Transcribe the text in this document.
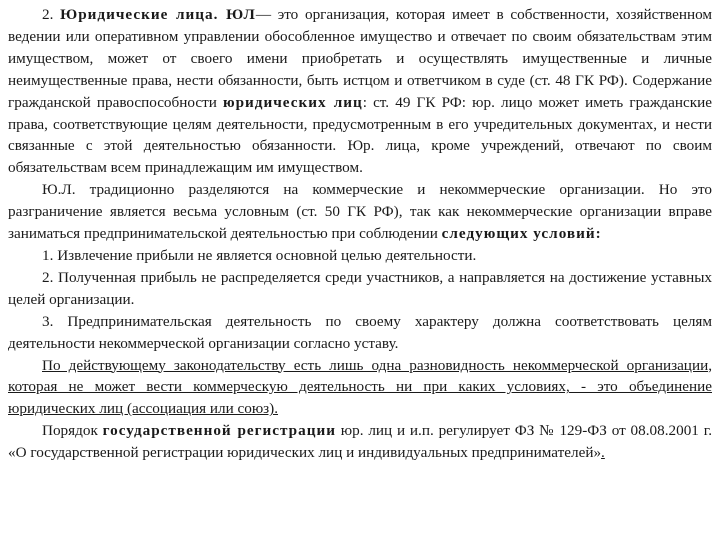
2. Юридические лица. ЮЛ— это организация, которая имеет в собственности, хозяйственном ведении или оперативном управлении обособленное имущество и отвечает по своим обязательствам этим имуществом, может от своего имени приобретать и осуществлять имущественные и личные неимущественные права, нести обязанности, быть истцом и ответчиком в суде (ст. 48 ГК РФ). Содержание гражданской правоспособности юридических лиц: ст. 49 ГК РФ: юр. лицо может иметь гражданские права, соответствующие целям деятельности, предусмотренным в его учредительных документах, и нести связанные с этой деятельностью обязанности. Юр. лица, кроме учреждений, отвечают по своим обязательствам всем принадлежащим им имуществом.

Ю.Л. традиционно разделяются на коммерческие и некоммерческие организации. Но это разграничение является весьма условным (ст. 50 ГК РФ), так как некоммерческие организации вправе заниматься предпринимательской деятельностью при соблюдении следующих условий:

1. Извлечение прибыли не является основной целью деятельности.

2. Полученная прибыль не распределяется среди участников, а направляется на достижение уставных целей организации.

3. Предпринимательская деятельность по своему характеру должна соответствовать целям деятельности некоммерческой организации согласно уставу.

По действующему законодательству есть лишь одна разновидность некоммерческой организации, которая не может вести коммерческую деятельность ни при каких условиях, - это объединение юридических лиц (ассоциация или союз).

Порядок государственной регистрации юр. лиц и и.п. регулирует ФЗ № 129-ФЗ от 08.08.2001 г. «О государственной регистрации юридических лиц и индивидуальных предпринимателей».
